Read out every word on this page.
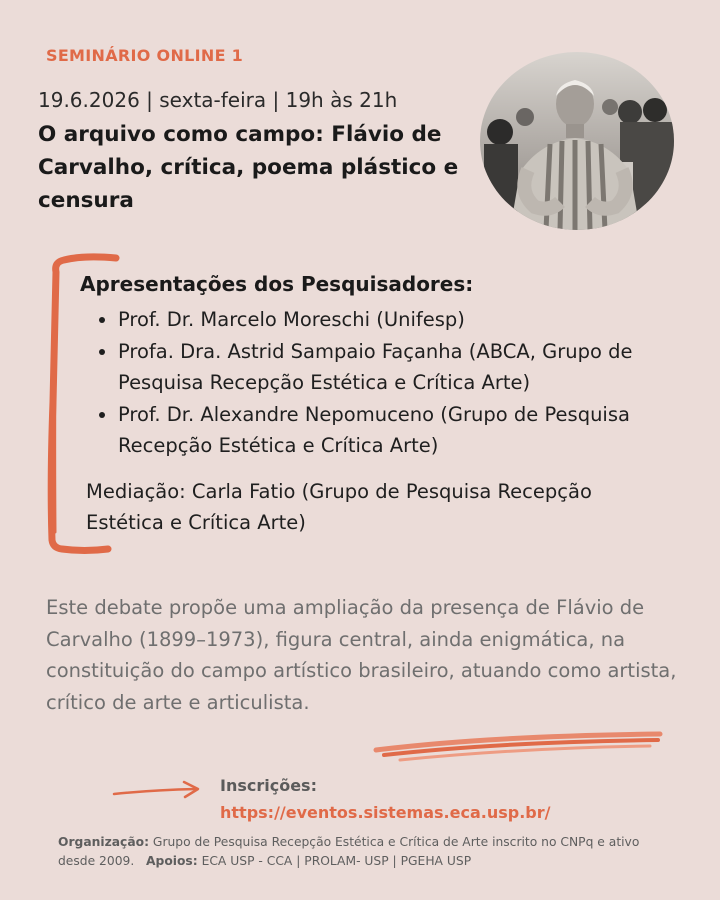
SEMINÁRIO ONLINE 1
19.6.2026 | sexta-feira | 19h às 21h
O arquivo como campo: Flávio de Carvalho, crítica, poema plástico e censura
Apresentações dos Pesquisadores:
• Prof. Dr. Marcelo Moreschi (Unifesp)
• Profa. Dra. Astrid Sampaio Façanha (ABCA, Grupo de Pesquisa Recepção Estética e Crítica Arte)
• Prof. Dr. Alexandre Nepomuceno (Grupo de Pesquisa Recepção Estética e Crítica Arte)
Mediação: Carla Fatio (Grupo de Pesquisa Recepção Estética e Crítica Arte)
Este debate propõe uma ampliação da presença de Flávio de Carvalho (1899–1973), figura central, ainda enigmática, na constituição do campo artístico brasileiro, atuando como artista, crítico de arte e articulista.
Inscrições:
https://eventos.sistemas.eca.usp.br/
Organização: Grupo de Pesquisa Recepção Estética e Crítica de Arte inscrito no CNPq e ativo desde 2009. Apoios: ECA USP - CCA | PROLAM- USP | PGEHA USP
